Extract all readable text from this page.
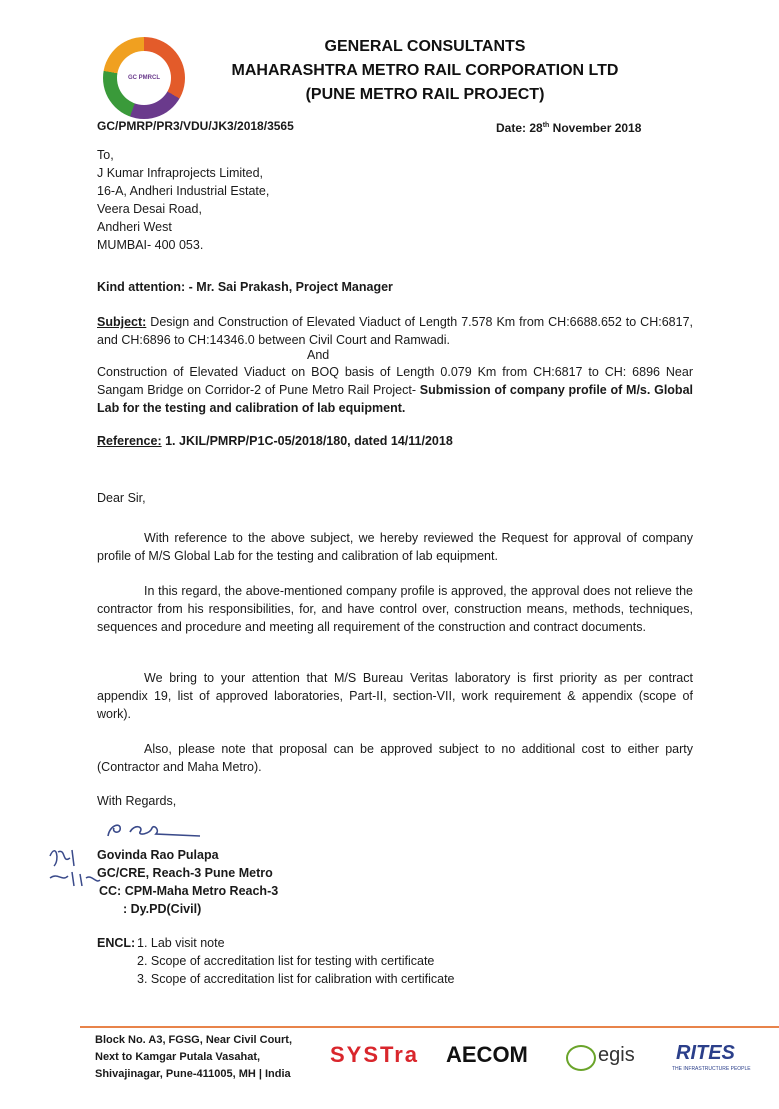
GC PMRCL
GENERAL CONSULTANTS
MAHARASHTRA METRO RAIL CORPORATION LTD
(PUNE METRO RAIL PROJECT)
GC/PMRP/PR3/VDU/JK3/2018/3565	Date: 28th November 2018
To,
J Kumar Infraprojects Limited,
16-A, Andheri Industrial Estate,
Veera Desai Road,
Andheri West
MUMBAI- 400 053.
Kind attention: - Mr. Sai Prakash, Project Manager
Subject: Design and Construction of Elevated Viaduct of Length 7.578 Km from CH:6688.652 to CH:6817, and CH:6896 to CH:14346.0 between Civil Court and Ramwadi.
And
Construction of Elevated Viaduct on BOQ basis of Length 0.079 Km from CH:6817 to CH: 6896 Near Sangam Bridge on Corridor-2 of Pune Metro Rail Project- Submission of company profile of M/s. Global Lab for the testing and calibration of lab equipment.
Reference: 1. JKIL/PMRP/P1C-05/2018/180, dated 14/11/2018
Dear Sir,
With reference to the above subject, we hereby reviewed the Request for approval of company profile of M/S Global Lab for the testing and calibration of lab equipment.
In this regard, the above-mentioned company profile is approved, the approval does not relieve the contractor from his responsibilities, for, and have control over, construction means, methods, techniques, sequences and procedure and meeting all requirement of the construction and contract documents.
We bring to your attention that M/S Bureau Veritas laboratory is first priority as per contract appendix 19, list of approved laboratories, Part-II, section-VII, work requirement & appendix (scope of work).
Also, please note that proposal can be approved subject to no additional cost to either party (Contractor and Maha Metro).
With Regards,
Govinda Rao Pulapa
GC/CRE, Reach-3 Pune Metro
CC: CPM-Maha Metro Reach-3
: Dy.PD(Civil)
ENCL: 1. Lab visit note
2. Scope of accreditation list for testing with certificate
3. Scope of accreditation list for calibration with certificate
Block No. A3, FGSG, Near Civil Court,
Next to Kamgar Putala Vasahat,
Shivajinagar, Pune-411005, MH | India
SYSTra AECOM	egis RITES
THE INFRASTRUCTURE PEOPLE
